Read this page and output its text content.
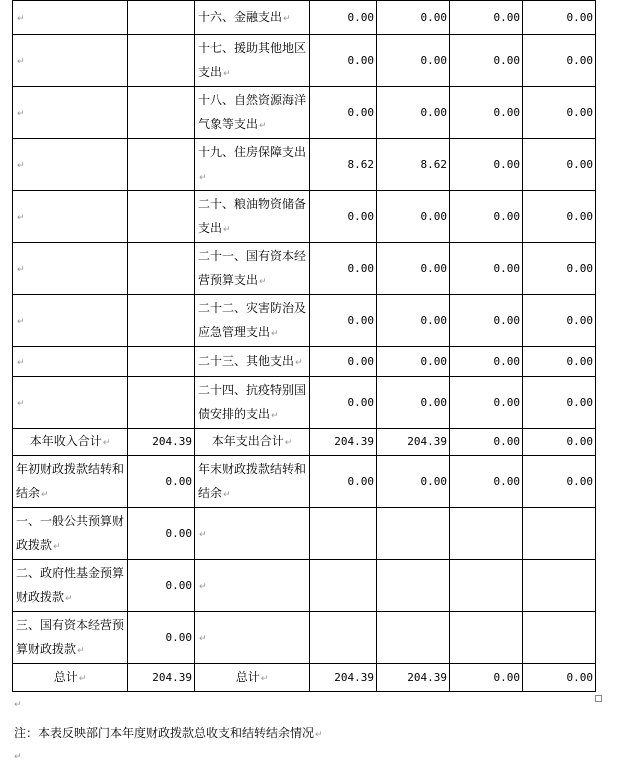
↵		十六、金融支出↵	0.00	0.00	0.00	0.00
↵		十七、援助其他地区支出↵	0.00	0.00	0.00	0.00
↵		十八、自然资源海洋气象等支出↵	0.00	0.00	0.00	0.00
↵		十九、住房保障支出↵	8.62	8.62	0.00	0.00
↵		二十、粮油物资储备支出↵	0.00	0.00	0.00	0.00
↵		二十一、国有资本经营预算支出↵	0.00	0.00	0.00	0.00
↵		二十二、灾害防治及应急管理支出↵	0.00	0.00	0.00	0.00
↵		二十三、其他支出↵	0.00	0.00	0.00	0.00
↵		二十四、抗疫特别国债安排的支出↵	0.00	0.00	0.00	0.00
本年收入合计↵	204.39	本年支出合计↵	204.39	204.39	0.00	0.00
年初财政拨款结转和结余↵	0.00	年末财政拨款结转和结余↵	0.00	0.00	0.00	0.00
一、一般公共预算财政拨款↵	0.00	↵				
二、政府性基金预算财政拨款↵	0.00	↵				
三、国有资本经营预算财政拨款↵	0.00	↵				
总计↵	204.39	总计↵	204.39	204.39	0.00	0.00
注：本表反映部门本年度财政拨款总收支和结转结余情况↵
↵
↵
